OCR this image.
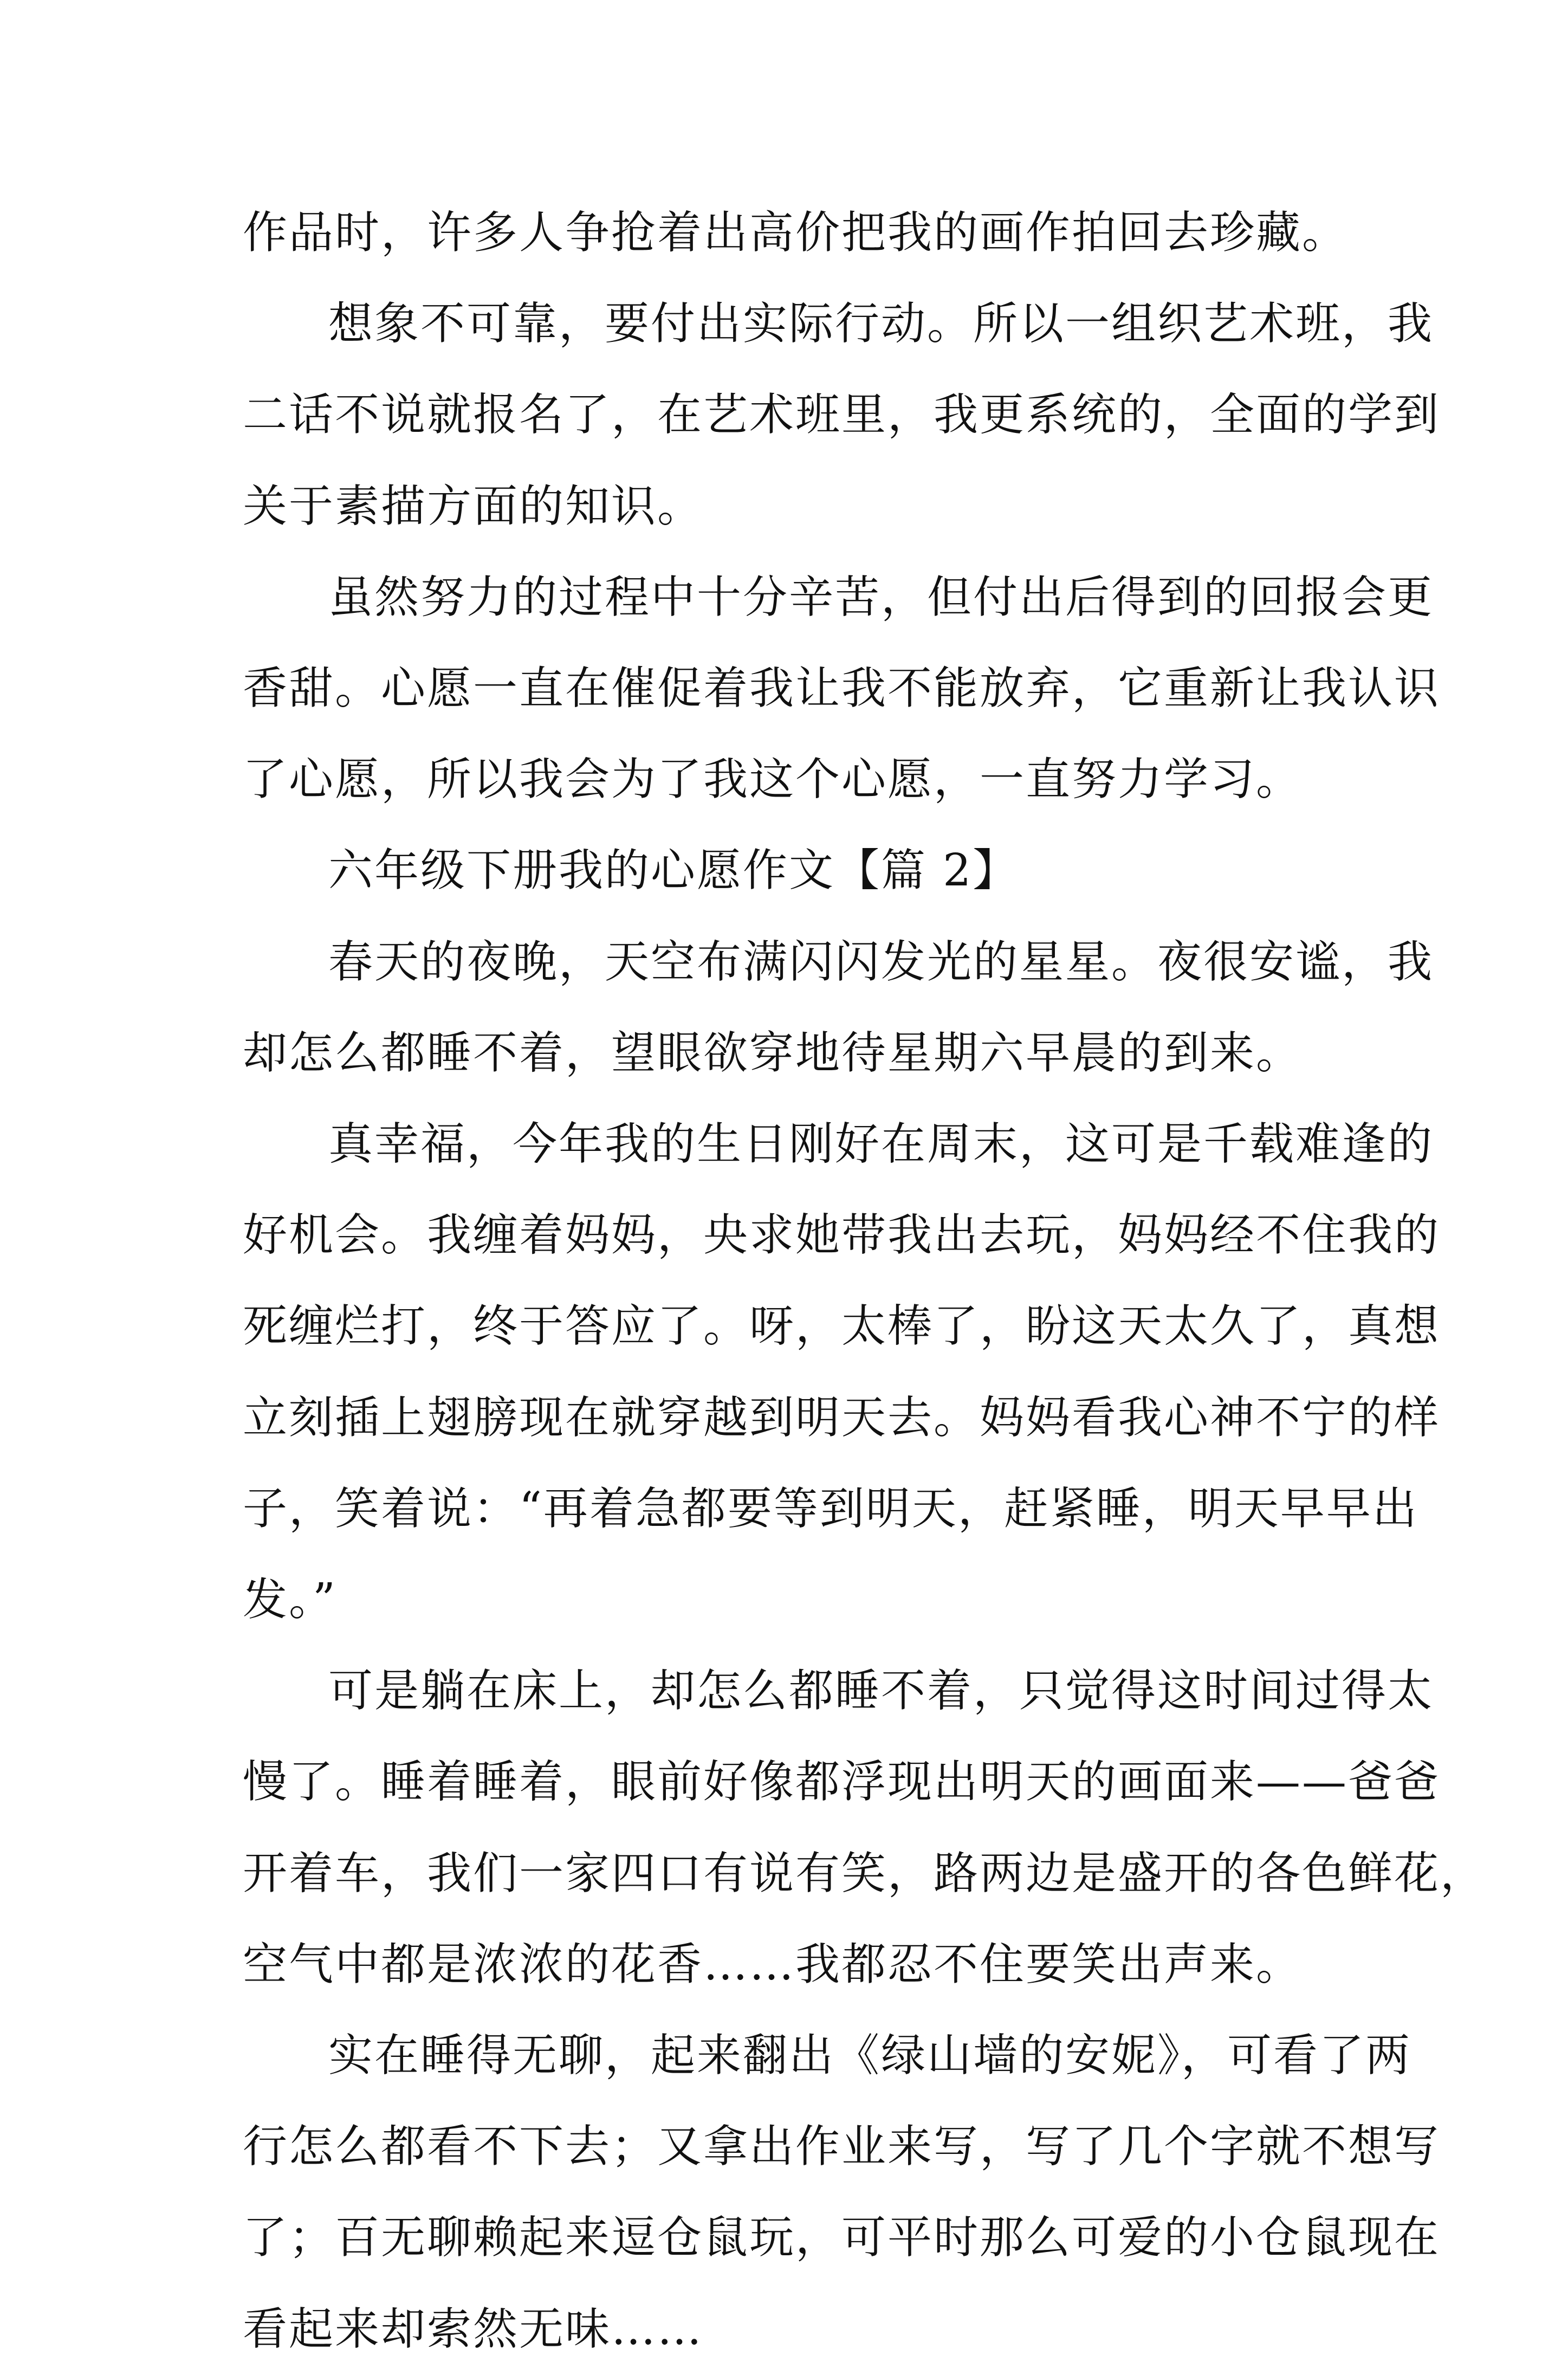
作品时，许多人争抢着出高价把我的画作拍回去珍藏。
想象不可靠，要付出实际行动。所以一组织艺术班，我
二话不说就报名了，在艺术班里，我更系统的，全面的学到
关于素描方面的知识。
虽然努力的过程中十分辛苦，但付出后得到的回报会更
香甜。心愿一直在催促着我让我不能放弃，它重新让我认识
了心愿，所以我会为了我这个心愿，一直努力学习。
六年级下册我的心愿作文【篇 2】
春天的夜晚，天空布满闪闪发光的星星。夜很安谧，我
却怎么都睡不着，望眼欲穿地待星期六早晨的到来。
真幸福，今年我的生日刚好在周末，这可是千载难逢的
好机会。我缠着妈妈，央求她带我出去玩，妈妈经不住我的
死缠烂打，终于答应了。呀，太棒了，盼这天太久了，真想
立刻插上翅膀现在就穿越到明天去。妈妈看我心神不宁的样
子，笑着说：“再着急都要等到明天，赶紧睡，明天早早出
发。”
可是躺在床上，却怎么都睡不着，只觉得这时间过得太
慢了。睡着睡着，眼前好像都浮现出明天的画面来——爸爸
开着车，我们一家四口有说有笑，路两边是盛开的各色鲜花，
空气中都是浓浓的花香……我都忍不住要笑出声来。
实在睡得无聊，起来翻出《绿山墙的安妮》，可看了两
行怎么都看不下去；又拿出作业来写，写了几个字就不想写
了；百无聊赖起来逗仓鼠玩，可平时那么可爱的小仓鼠现在
看起来却索然无味……
